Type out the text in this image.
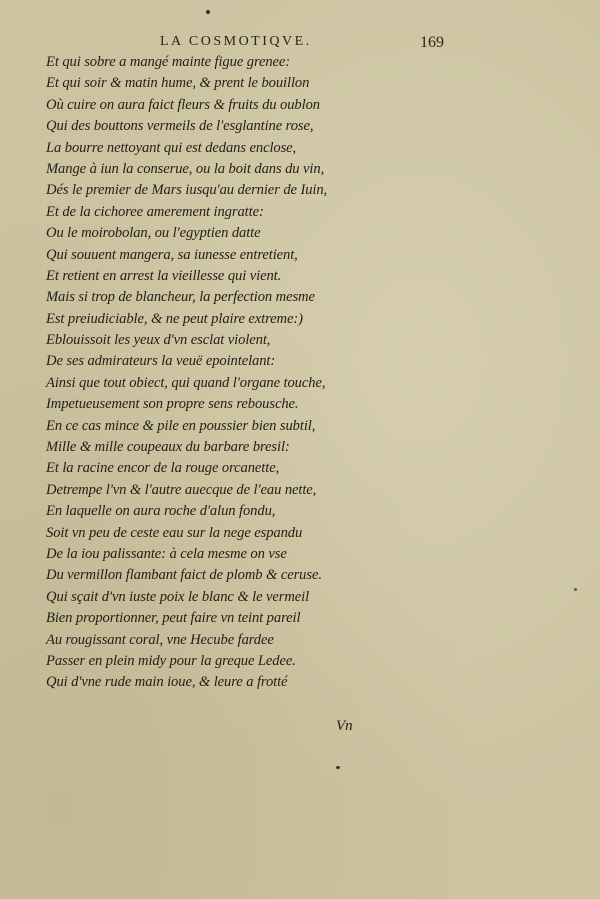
LA COSMOTIQVE.	169
Et qui sobre a mangé mainte figue grenee:
Et qui soir & matin hume, & prent le bouillon
Où cuire on aura faict fleurs & fruits du oublon
Qui des bouttons vermeils de l'esglantine rose,
La bourre nettoyant qui est dedans enclose,
Mange à iun la conserue, ou la boit dans du vin,
Dés le premier de Mars iusqu'au dernier de Iuin,
Et de la cichoree amerement ingratte:
Ou le moirobolan, ou l'egyptien datte
Qui souuent mangera, sa iunesse entretient,
Et retient en arrest la vieillesse qui vient.
Mais si trop de blancheur, la perfection mesme
Est preiudiciable, & ne peut plaire extreme:)
Eblouissoit les yeux d'vn esclat violent,
De ses admirateurs la veuë epointelant:
Ainsi que tout obiect, qui quand l'organe touche,
Impetueusement son propre sens rebousche.
En ce cas mince & pile en poussier bien subtil,
Mille & mille coupeaux du barbare bresil:
Et la racine encor de la rouge orcanette,
Detrempe l'vn & l'autre auecque de l'eau nette,
En laquelle on aura roche d'alun fondu,
Soit vn peu de ceste eau sur la nege espandu
De la iou palissante: à cela mesme on vse
Du vermillon flambant faict de plomb & ceruse.
Qui sçait d'vn iuste poix le blanc & le vermeil
Bien proportionner, peut faire vn teint pareil
Au rougissant coral, vne Hecube fardee
Passer en plein midy pour la greque Ledee.
Qui d'vne rude main ioue, & leure a frotté
Vn
